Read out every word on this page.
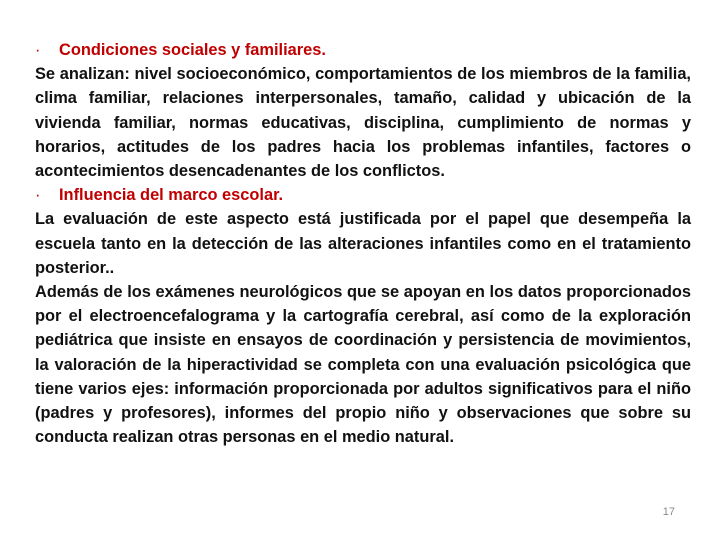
·	Condiciones sociales y familiares.

Se analizan: nivel socioeconómico, comportamientos de los miembros de la familia, clima familiar, relaciones interpersonales, tamaño, calidad y ubicación de la vivienda familiar, normas educativas, disciplina, cumplimiento de normas y horarios, actitudes de los padres hacia los problemas infantiles, factores o acontecimientos desencadenantes de los conflictos.

·	Influencia del marco escolar.

La evaluación de este aspecto está justificada por el papel que desempeña la escuela tanto en la detección de las alteraciones infantiles como en el tratamiento posterior..

Además de los exámenes neurológicos que se apoyan en los datos proporcionados por el electroencefalograma y la cartografía cerebral, así como de la exploración pediátrica que insiste en ensayos de coordinación y persistencia de movimientos, la valoración de la hiperactividad se completa con una evaluación psicológica que tiene varios ejes: información proporcionada por adultos significativos para el niño (padres y profesores), informes del propio niño y observaciones que sobre su conducta realizan otras personas en el medio natural.

17
